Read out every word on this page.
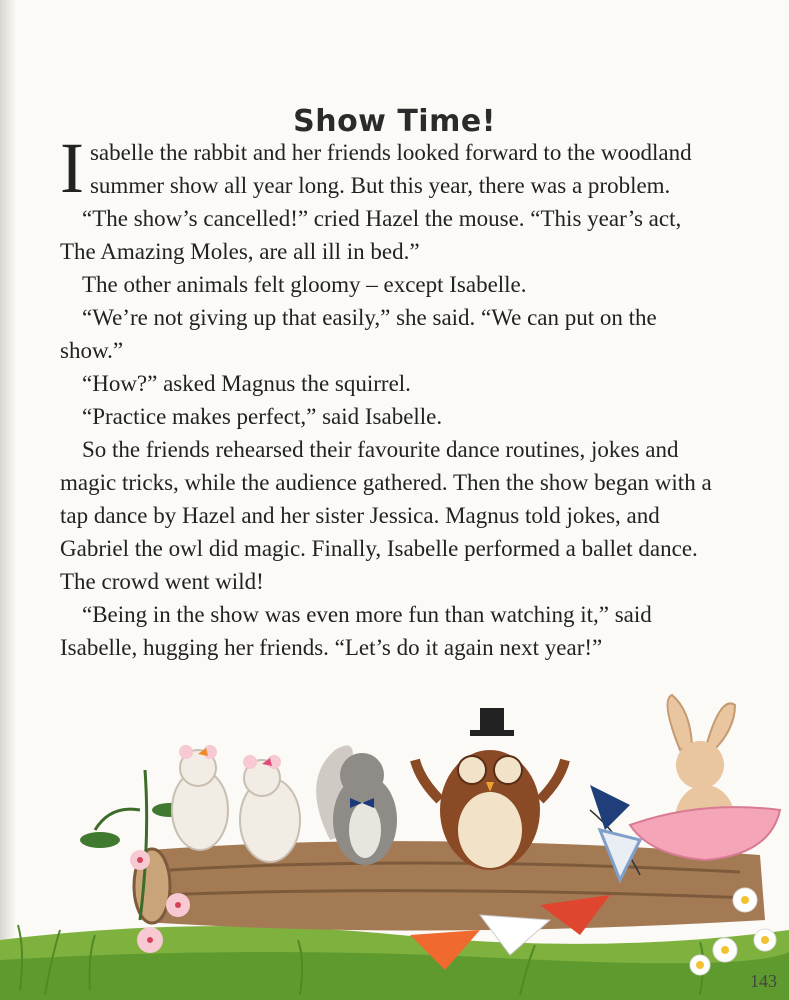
Show Time!

Isabelle the rabbit and her friends looked forward to the woodland summer show all year long. But this year, there was a problem.

“The show’s cancelled!” cried Hazel the mouse. “This year’s act, The Amazing Moles, are all ill in bed.”

The other animals felt gloomy – except Isabelle.

“We’re not giving up that easily,” she said. “We can put on the show.”

“How?” asked Magnus the squirrel.

“Practice makes perfect,” said Isabelle.

So the friends rehearsed their favourite dance routines, jokes and magic tricks, while the audience gathered. Then the show began with a tap dance by Hazel and her sister Jessica. Magnus told jokes, and Gabriel the owl did magic. Finally, Isabelle performed a ballet dance. The crowd went wild!

“Being in the show was even more fun than watching it,” said Isabelle, hugging her friends. “Let’s do it again next year!”

143
